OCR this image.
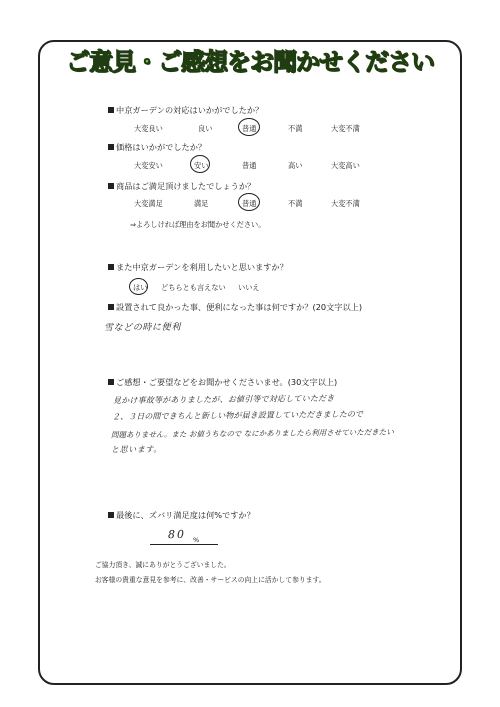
ご意見・ご感想をお聞かせください
中京ガーデンの対応はいかがでしたか？
大変良い	良い	普通	不満	大変不満
価格はいかがでしたか？
大変安い	安い	普通	高い	大変高い
商品はご満足頂けましたでしょうか？
大変満足	満足	普通	不満	大変不満
⇒よろしければ理由をお聞かせください。
また中京ガーデンを利用したいと思いますか？
はい どちらとも言えない いいえ
設置されて良かった事、便利になった事は何ですか？(20文字以上)
雪などの時に便利
ご感想・ご要望などをお聞かせくださいませ。(30文字以上)
見かけ事故等がありましたが、お値引等で対応していただき
２、３日の間できちんと新しい物が届き設置していただきましたので
問題ありません。また お値うちなので なにかありましたら利用させていただきたい
と思います。
最後に、ズバリ満足度は何%ですか？
80 %
ご協力頂き、誠にありがとうございました。
お客様の貴重な意見を参考に、改善・サービスの向上に活かして参ります。
